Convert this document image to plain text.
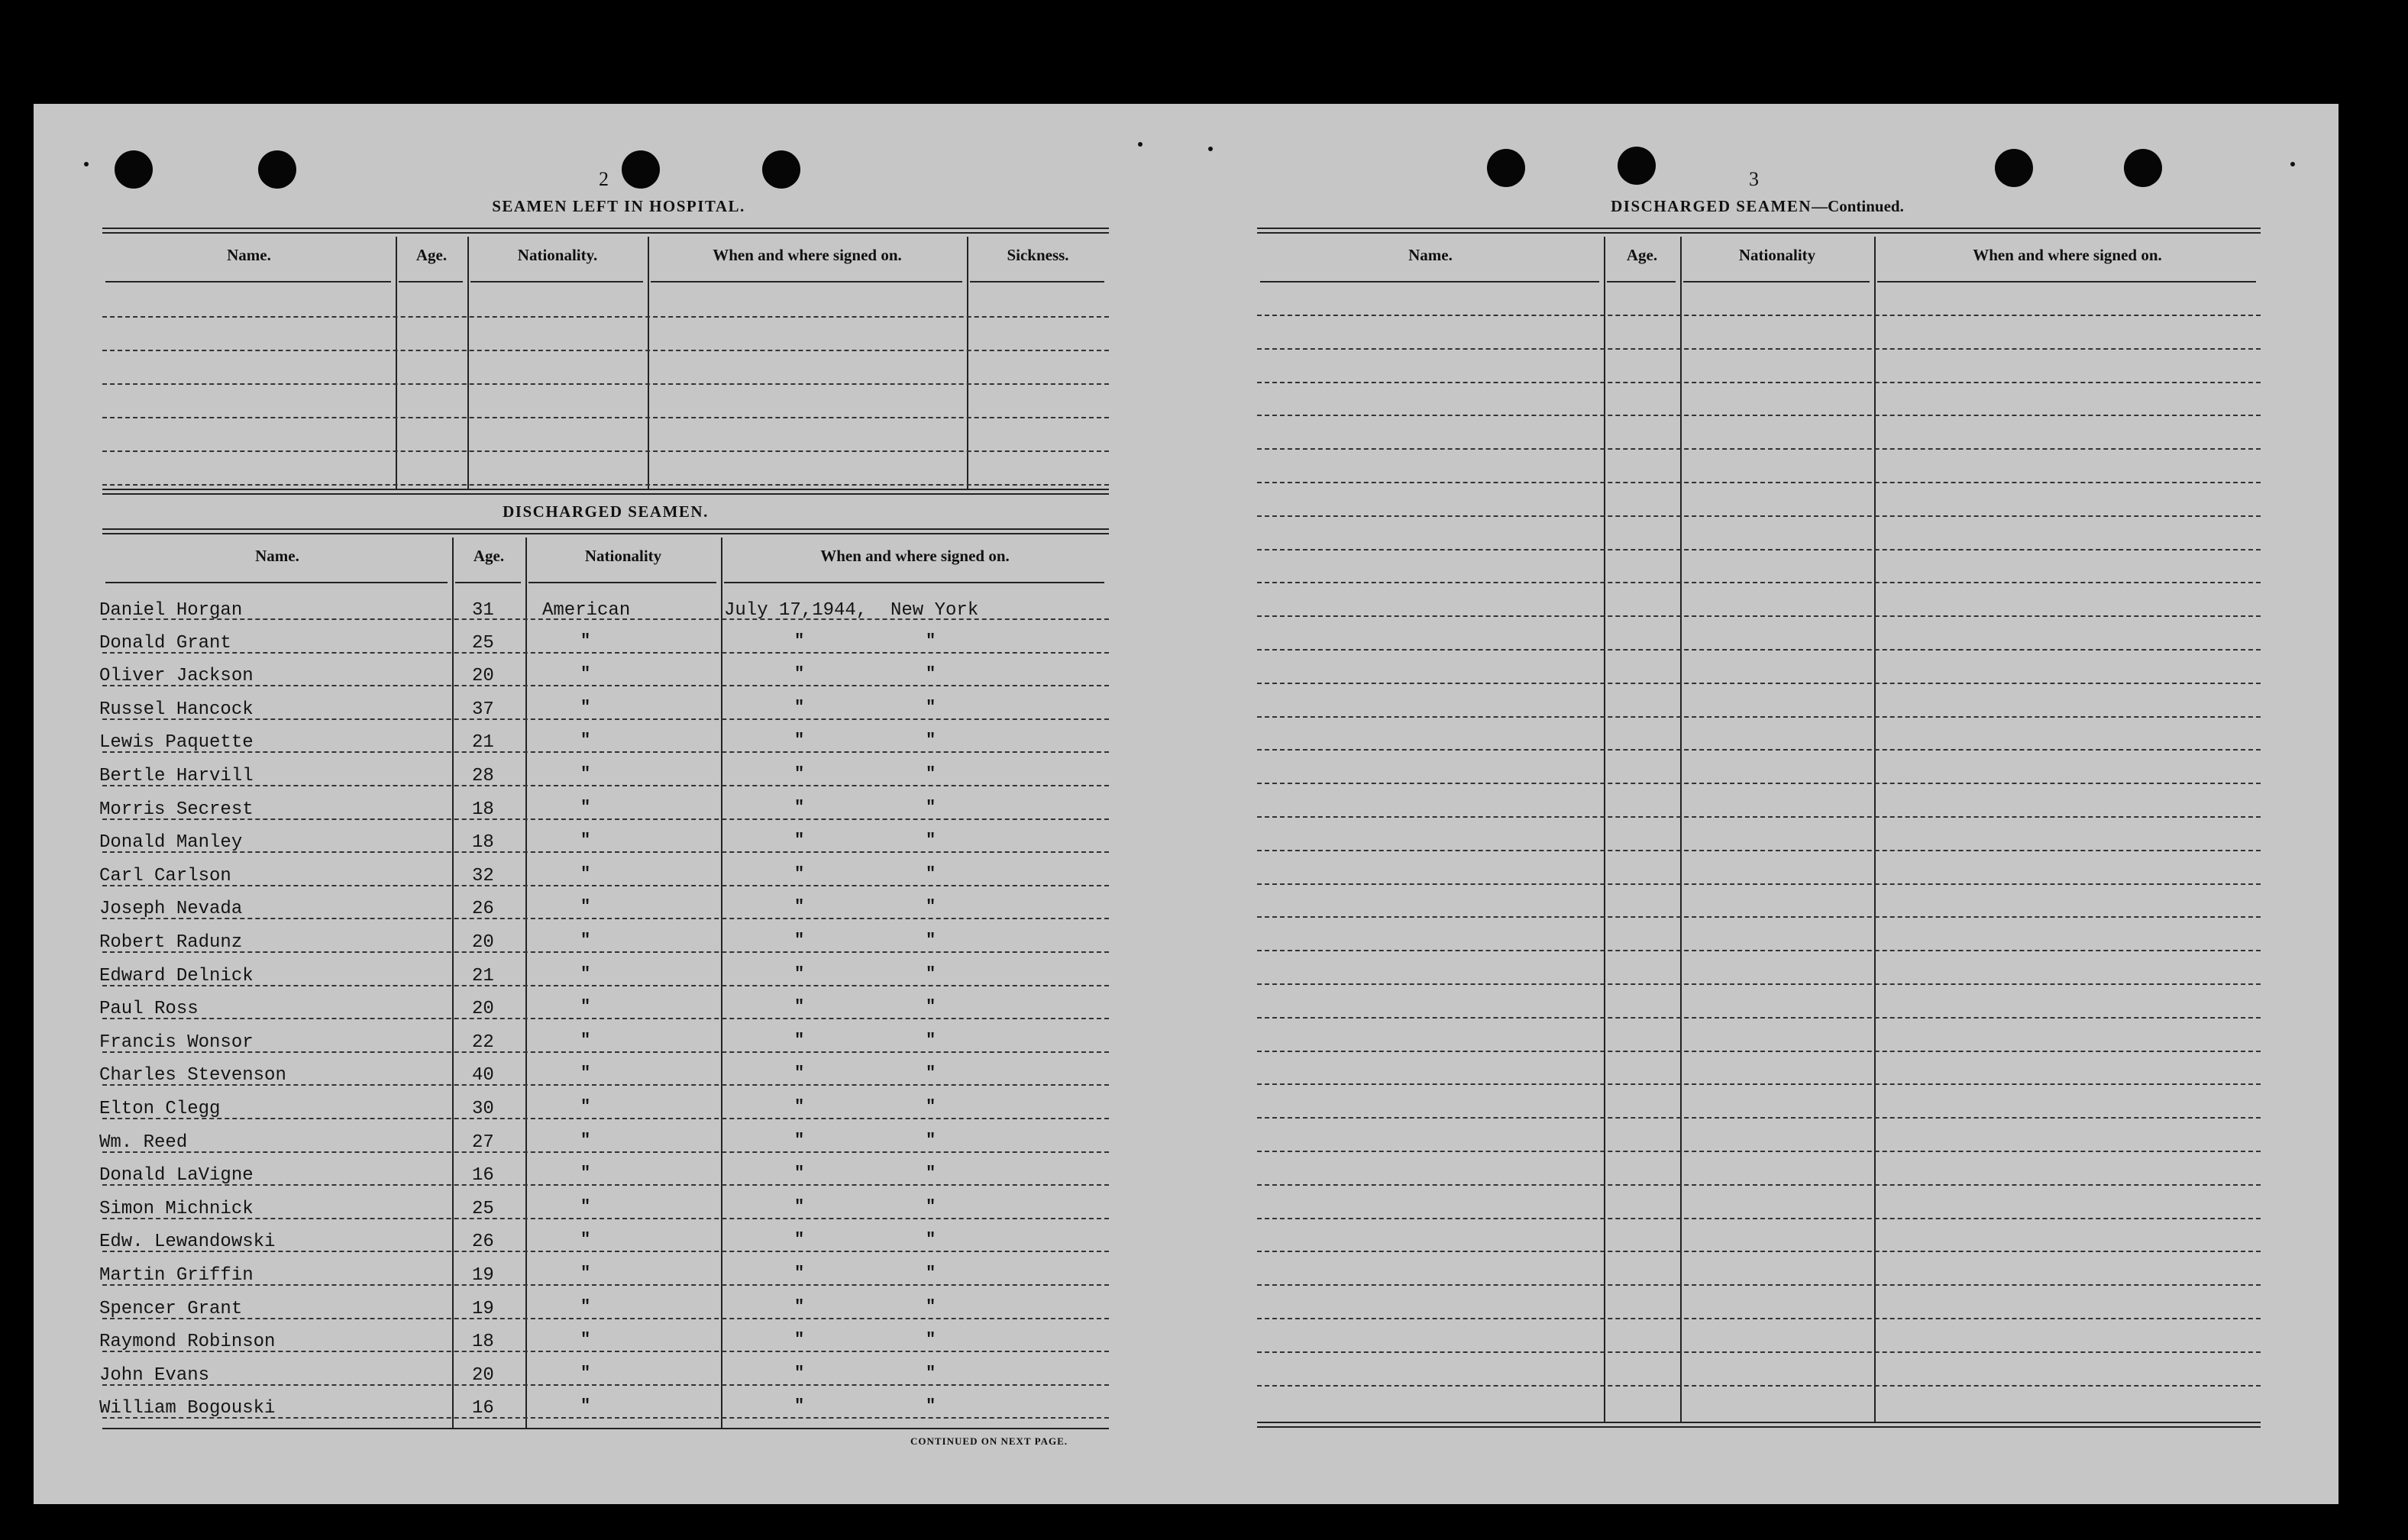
2
SEAMEN LEFT IN HOSPITAL.
Name.	Age.	Nationality.	When and where signed on.	Sickness.
DISCHARGED SEAMEN.
Name.	Age.	Nationality	When and where signed on.
Daniel Horgan	31	American	July 17,1944, New York
Donald Grant	25	"	"	"
Oliver Jackson	20	"	"	"
Russel Hancock	37	"	"	"
Lewis Paquette	21	"	"	"
Bertle Harvill	28	"	"	"
Morris Secrest	18	"	"	"
Donald Manley	18	"	"	"
Carl Carlson	32	"	"	"
Joseph Nevada	26	"	"	"
Robert Radunz	20	"	"	"
Edward Delnick	21	"	"	"
Paul Ross	20	"	"	"
Francis Wonsor	22	"	"	"
Charles Stevenson	40	"	"	"
Elton Clegg	30	"	"	"
Wm. Reed	27	"	"	"
Donald LaVigne	16	"	"	"
Simon Michnick	25	"	"	"
Edw. Lewandowski	26	"	"	"
Martin Griffin	19	"	"	"
Spencer Grant	19	"	"	"
Raymond Robinson	18	"	"	"
John Evans	20	"	"	"
William Bogouski	16	"	"	"
CONTINUED ON NEXT PAGE.
3
DISCHARGED SEAMEN—Continued.
Name.	Age.	Nationality	When and where signed on.
